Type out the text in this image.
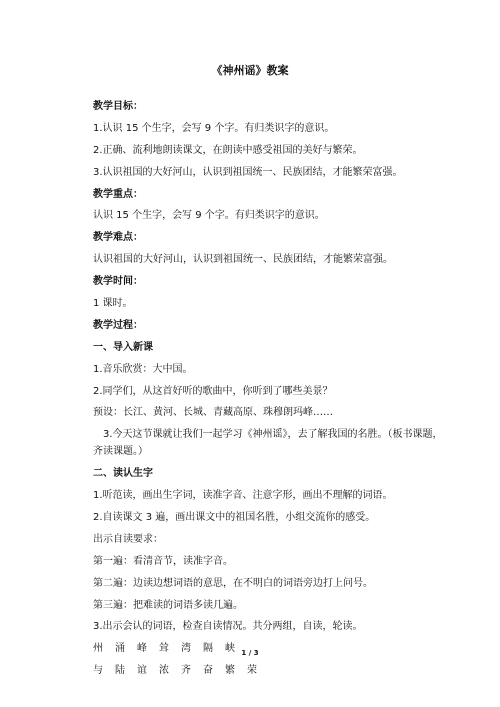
《神州谣》教案
教学目标：
1.认识 15 个生字，会写 9 个字。有归类识字的意识。
2.正确、流利地朗读课文，在朗读中感受祖国的美好与繁荣。
3.认识祖国的大好河山，认识到祖国统一、民族团结，才能繁荣富强。
教学重点：
认识 15 个生字，会写 9 个字。有归类识字的意识。
教学难点：
认识祖国的大好河山，认识到祖国统一、民族团结，才能繁荣富强。
教学时间：
1 课时。
教学过程：
一、导入新课
1.音乐欣赏：大中国。
2.同学们，从这首好听的歌曲中，你听到了哪些美景？
预设：长江、黄河、长城、青藏高原、珠穆朗玛峰……
3.今天这节课就让我们一起学习《神州谣》，去了解我国的名胜。（板书课题，
齐读课题。）
二、读认生字
1.听范读，画出生字词，读准字音、注意字形，画出不理解的词语。
2.自读课文 3 遍，画出课文中的祖国名胜，小组交流你的感受。
出示自读要求：
第一遍：看清音节，读准字音。
第二遍：边读边想词语的意思，在不明白的词语旁边打上问号。
第三遍：把难读的词语多读几遍。
3.出示会认的词语，检查自读情况。共分两组，自读，轮读。
州 涌 峰 耸 湾 隔 峡
与 陆 谊 浓 齐 奋 繁 荣
1 / 3
